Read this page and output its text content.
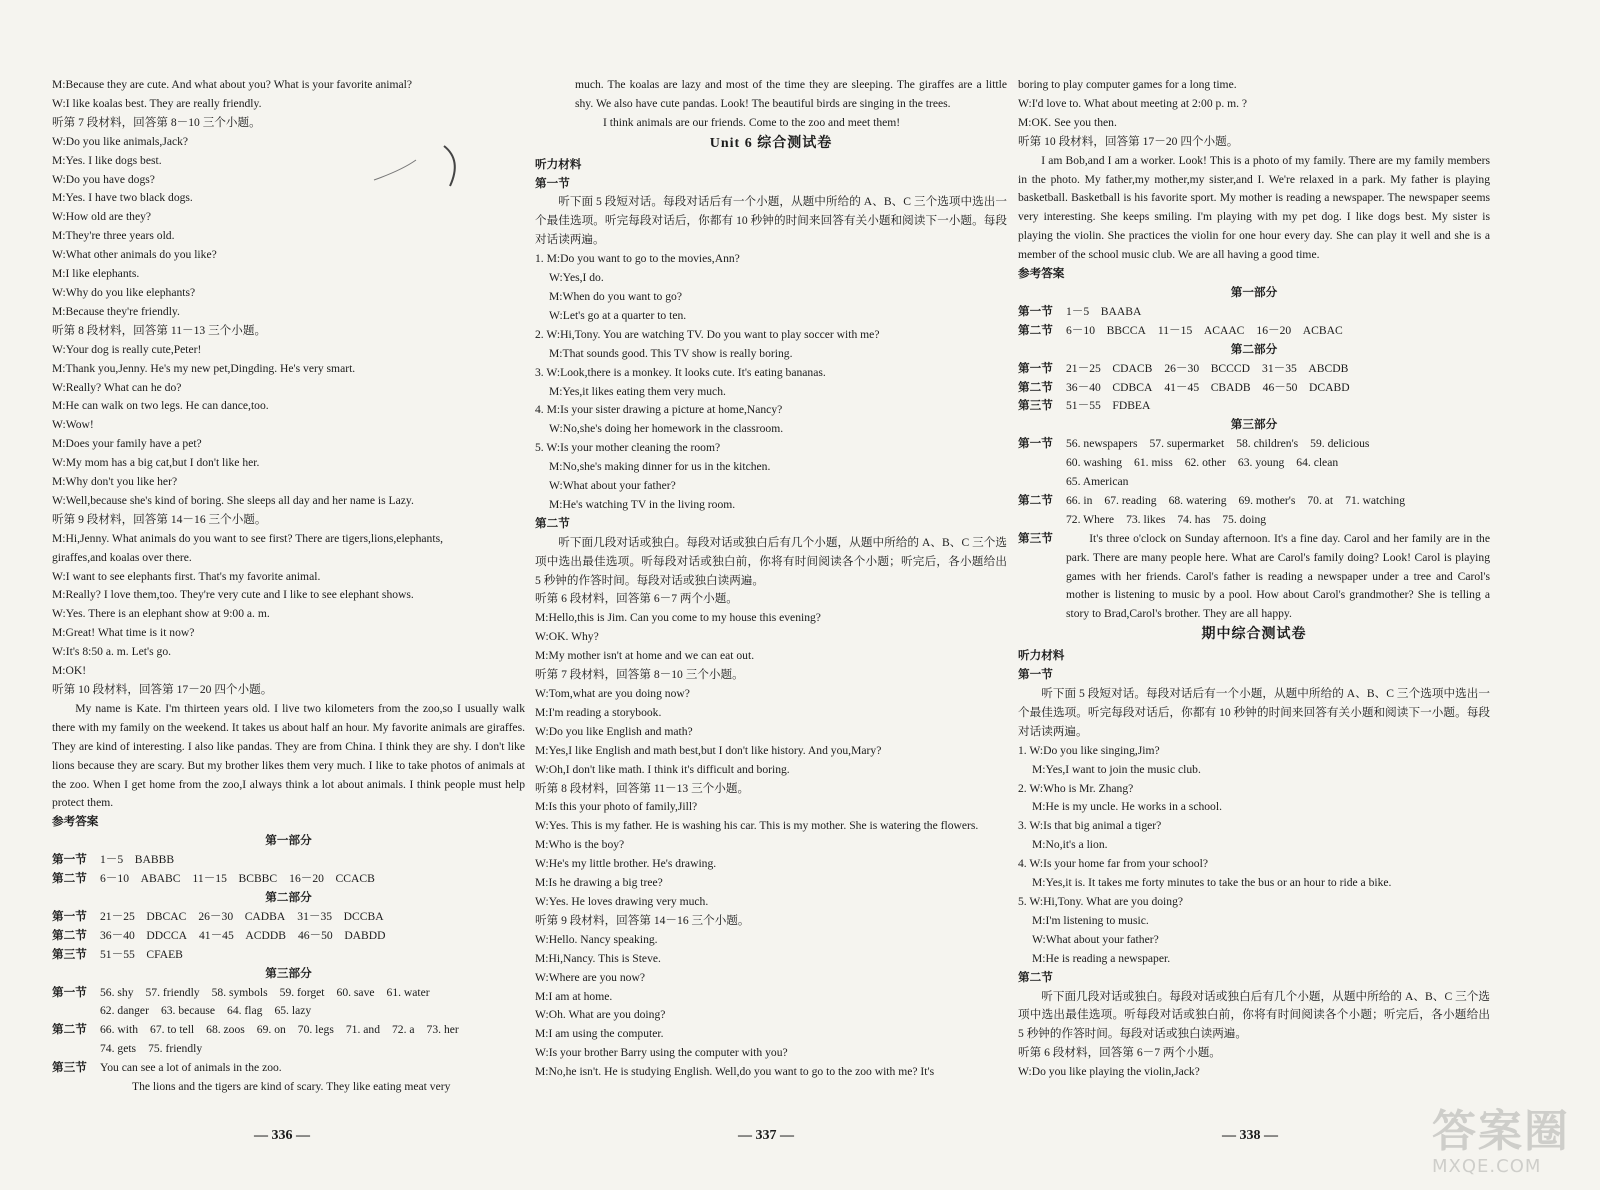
M:Because they are cute. And what about you? What is your favorite animal?
W:I like koalas best. They are really friendly.
听第 7 段材料，回答第 8－10 三个小题。
W:Do you like animals,Jack?
M:Yes. I like dogs best.
W:Do you have dogs?
M:Yes. I have two black dogs.
W:How old are they?
M:They're three years old.
W:What other animals do you like?
M:I like elephants.
W:Why do you like elephants?
M:Because they're friendly.
听第 8 段材料，回答第 11－13 三个小题。
W:Your dog is really cute,Peter!
M:Thank you,Jenny. He's my new pet,Dingding. He's very smart.
W:Really? What can he do?
M:He can walk on two legs. He can dance,too.
W:Wow!
M:Does your family have a pet?
W:My mom has a big cat,but I don't like her.
M:Why don't you like her?
W:Well,because she's kind of boring. She sleeps all day and her name is Lazy.
听第 9 段材料，回答第 14－16 三个小题。
M:Hi,Jenny. What animals do you want to see first? There are tigers,lions,elephants,
giraffes,and koalas over there.
W:I want to see elephants first. That's my favorite animal.
M:Really? I love them,too. They're very cute and I like to see elephant shows.
W:Yes. There is an elephant show at 9:00 a. m.
M:Great! What time is it now?
W:It's 8:50 a. m. Let's go.
M:OK!
听第 10 段材料，回答第 17－20 四个小题。
My name is Kate. I'm thirteen years old. I live two kilometers from the zoo,so I usually walk there with my family on the weekend. It takes us about half an hour. My favorite animals are giraffes. They are kind of interesting. I also like pandas. They are from China. I think they are shy. I don't like lions because they are scary. But my brother likes them very much. I like to take photos of animals at the zoo. When I get home from the zoo,I always think a lot about animals. I think people must help protect them.
参考答案
第一部分
第一节	1－5　BABBB
第二节	6－10　ABABC 11－15　BCBBC 16－20　CCACB
第二部分
第一节	21－25　DBCAC 26－30　CADBA 31－35　DCCBA
第二节	36－40　DDCCA 41－45　ACDDB 46－50　DABDD
第三节	51－55　CFAEB
第三部分
第一节	56. shy 57. friendly 58. symbols 59. forget 60. save 61. water
62. danger 63. because 64. flag 65. lazy
第二节	66. with 67. to tell 68. zoos 69. on 70. legs 71. and 72. a 73. her
74. gets 75. friendly
第三节	You can see a lot of animals in the zoo.
The lions and the tigers are kind of scary. They like eating meat very
— 336 —
much. The koalas are lazy and most of the time they are sleeping. The giraffes are a little shy. We also have cute pandas. Look! The beautiful birds are singing in the trees.
I think animals are our friends. Come to the zoo and meet them!
Unit 6 综合测试卷
听力材料
第一节
听下面 5 段短对话。每段对话后有一个小题，从题中所给的 A、B、C 三个选项中选出一个最佳选项。听完每段对话后，你都有 10 秒钟的时间来回答有关小题和阅读下一小题。每段对话读两遍。
1. M:Do you want to go to the movies,Ann?
W:Yes,I do.
M:When do you want to go?
W:Let's go at a quarter to ten.
2. W:Hi,Tony. You are watching TV. Do you want to play soccer with me?
M:That sounds good. This TV show is really boring.
3. W:Look,there is a monkey. It looks cute. It's eating bananas.
M:Yes,it likes eating them very much.
4. M:Is your sister drawing a picture at home,Nancy?
W:No,she's doing her homework in the classroom.
5. W:Is your mother cleaning the room?
M:No,she's making dinner for us in the kitchen.
W:What about your father?
M:He's watching TV in the living room.
第二节
听下面几段对话或独白。每段对话或独白后有几个小题，从题中所给的 A、B、C 三个选项中选出最佳选项。听每段对话或独白前，你将有时间阅读各个小题；听完后，各小题给出 5 秒钟的作答时间。每段对话或独白读两遍。
听第 6 段材料，回答第 6－7 两个小题。
M:Hello,this is Jim. Can you come to my house this evening?
W:OK. Why?
M:My mother isn't at home and we can eat out.
听第 7 段材料，回答第 8－10 三个小题。
W:Tom,what are you doing now?
M:I'm reading a storybook.
W:Do you like English and math?
M:Yes,I like English and math best,but I don't like history. And you,Mary?
W:Oh,I don't like math. I think it's difficult and boring.
听第 8 段材料，回答第 11－13 三个小题。
M:Is this your photo of family,Jill?
W:Yes. This is my father. He is washing his car. This is my mother. She is watering the flowers.
M:Who is the boy?
W:He's my little brother. He's drawing.
M:Is he drawing a big tree?
W:Yes. He loves drawing very much.
听第 9 段材料，回答第 14－16 三个小题。
W:Hello. Nancy speaking.
M:Hi,Nancy. This is Steve.
W:Where are you now?
M:I am at home.
W:Oh. What are you doing?
M:I am using the computer.
W:Is your brother Barry using the computer with you?
M:No,he isn't. He is studying English. Well,do you want to go to the zoo with me? It's
— 337 —
boring to play computer games for a long time.
W:I'd love to. What about meeting at 2:00 p. m. ?
M:OK. See you then.
听第 10 段材料，回答第 17－20 四个小题。
I am Bob,and I am a worker. Look! This is a photo of my family. There are my family members in the photo. My father,my mother,my sister,and I. We're relaxed in a park. My father is playing basketball. Basketball is his favorite sport. My mother is reading a newspaper. The newspaper seems very interesting. She keeps smiling. I'm playing with my pet dog. I like dogs best. My sister is playing the violin. She practices the violin for one hour every day. She can play it well and she is a member of the school music club. We are all having a good time.
参考答案
第一部分
第一节	1－5　BAABA
第二节	6－10　BBCCA 11－15　ACAAC 16－20　ACBAC
第二部分
第一节	21－25　CDACB 26－30　BCCCD 31－35　ABCDB
第二节	36－40　CDBCA 41－45　CBADB 46－50　DCABD
第三节	51－55　FDBEA
第三部分
第一节	56. newspapers 57. supermarket 58. children's 59. delicious
60. washing 61. miss 62. other 63. young 64. clean
65. American
第二节	66. in 67. reading 68. watering 69. mother's 70. at 71. watching
72. Where 73. likes 74. has 75. doing
第三节	It's three o'clock on Sunday afternoon. It's a fine day. Carol and her family are in the park. There are many people here. What are Carol's family doing? Look! Carol is playing games with her friends. Carol's father is reading a newspaper under a tree and Carol's mother is listening to music by a pool. How about Carol's grandmother? She is telling a story to Brad,Carol's brother. They are all happy.
期中综合测试卷
听力材料
第一节
听下面 5 段短对话。每段对话后有一个小题，从题中所给的 A、B、C 三个选项中选出一个最佳选项。听完每段对话后，你都有 10 秒钟的时间来回答有关小题和阅读下一小题。每段对话读两遍。
1. W:Do you like singing,Jim?
M:Yes,I want to join the music club.
2. W:Who is Mr. Zhang?
M:He is my uncle. He works in a school.
3. W:Is that big animal a tiger?
M:No,it's a lion.
4. W:Is your home far from your school?
M:Yes,it is. It takes me forty minutes to take the bus or an hour to ride a bike.
5. W:Hi,Tony. What are you doing?
M:I'm listening to music.
W:What about your father?
M:He is reading a newspaper.
第二节
听下面几段对话或独白。每段对话或独白后有几个小题，从题中所给的 A、B、C 三个选项中选出最佳选项。听每段对话或独白前，你将有时间阅读各个小题；听完后，各小题给出 5 秒钟的作答时间。每段对话或独白读两遍。
听第 6 段材料，回答第 6－7 两个小题。
W:Do you like playing the violin,Jack?
— 338 —	答案圈
MXQE.COM
